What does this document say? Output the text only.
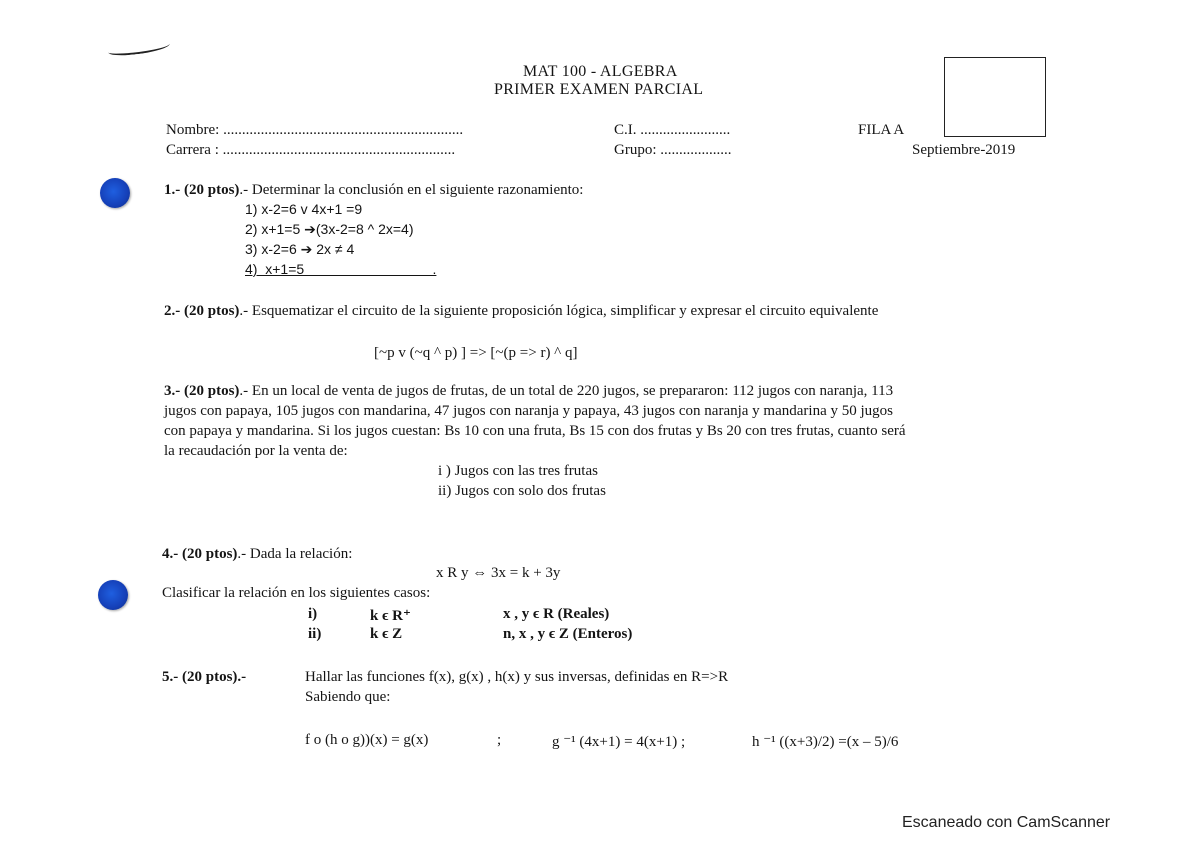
MAT 100 - ALGEBRA
PRIMER EXAMEN PARCIAL
Nombre: ................................................................	C.I. ........................	FILA A
Carrera : ..............................................................	Grupo: ...................	Septiembre-2019
1.- (20 ptos).- Determinar la conclusión en el siguiente razonamiento:
1) x-2=6 v 4x+1 =9
2) x+1=5 ➔(3x-2=8 ^ 2x=4)
3) x-2=6 ➔ 2x ≠ 4
4)  x+1=5                                 .
2.- (20 ptos).- Esquematizar el circuito de la siguiente proposición lógica, simplificar y expresar el circuito equivalente
[~p v (~q ^ p) ] => [~(p => r) ^ q]
3.- (20 ptos).- En un local de venta de jugos de frutas, de un total de 220 jugos, se prepararon: 112 jugos con naranja, 113
jugos con papaya, 105 jugos con mandarina, 47 jugos con naranja y papaya, 43 jugos con naranja y mandarina y 50 jugos
con papaya y mandarina. Si los jugos cuestan: Bs 10 con una fruta, Bs 15 con dos frutas y Bs 20 con tres frutas, cuanto será
la recaudación por la venta de:
i ) Jugos con las tres frutas
ii) Jugos con solo dos frutas
4.- (20 ptos).- Dada la relación:
x R y ⇔ 3x = k + 3y
Clasificar la relación en los siguientes casos:
i)	k ϵ R⁺	x , y ϵ R (Reales)
ii)	k ϵ Z	n, x , y ϵ Z (Enteros)
5.- (20 ptos).-	Hallar las funciones f(x), g(x) , h(x) y sus inversas, definidas en R=>R
Sabiendo que:
f o (h o g))(x) = g(x)	;	g ⁻¹ (4x+1) = 4(x+1) ;	h ⁻¹ ((x+3)/2) =(x – 5)/6
Escaneado con CamScanner
